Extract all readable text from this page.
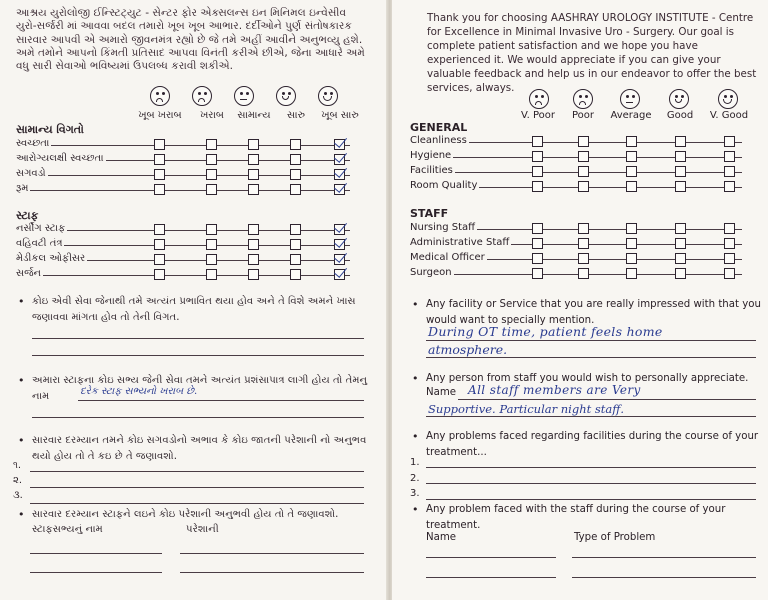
આશ્રય યુરોલોજી ઈન્સ્ટિટ્યુટ - સેન્ટર ફોર એક્સલન્સ ઇન મિનિમલ ઇન્વેસીવ યુરો-સર્જરી માં આવવા બદલ તમારો ખૂબ ખૂબ આભાર. દર્દીઓને પુર્ણ સંતોષકારક સારવાર આપવી એ અમારો જીવનમંત્ર રહ્યો છે જે તમે અહીં આવીને અનુભવ્યુ હશે. અમે તમોને આપનો કિંમતી પ્રતિસાદ આપવા વિનંતી કરીએ છીએ, જેના આધારે અમે વધુ સારી સેવાઓ ભવિષ્યમાં ઉપલબ્ધ કરાવી શકીએ.
ખૂબ ખરાબ ખરાબ સામાન્ય સારુ ખૂબ સારુ
સામાન્ય વિગતો
સ્વચ્છતા
આરોગ્યલક્ષી સ્વચ્છતા
સગવડો
રૂમ
સ્ટાફ
નર્સીંગ સ્ટાફ
વહિવટી તંત્ર
મેડીકલ ઓફીસર
સર્જન
• કોઇ એવી સેવા જેનાથી તમે અત્યંત પ્રભાવિત થયા હોવ અને તે વિશે અમને ખાસ જણાવવા માંગતા હોવ તો તેની વિગત.
• અમારા સ્ટાફના કોઇ સભ્ય જેની સેવા તમને અત્યંત પ્રશંસાપાત્ર લાગી હોય તો તેમનુ નામ	દરેક સ્ટાફ સભ્યનો ખરાબ છે.
• સારવાર દરમ્યાન તમને કોઇ સગવડોનો અભાવ કે કોઇ જાતની પરેશાની નો અનુભવ થયો હોય તો તે કઇ છે તે જણાવશો.
૧.
૨.
૩.
• સારવાર દરમ્યાન સ્ટાફને લઇને કોઇ પરેશાની અનુભવી હોય તો તે જણાવશો.
સ્ટાફસભ્યનું નામ	પરેશાની
Thank you for choosing AASHRAY UROLOGY INSTITUTE - Centre for Excellence in Minimal Invasive Uro - Surgery. Our goal is complete patient satisfaction and we hope you have experienced it. We would appreciate if you can give your valuable feedback and help us in our endeavor to offer the best services, always.
V. Poor Poor Average Good V. Good
GENERAL
Cleanliness
Hygiene
Facilities
Room Quality
STAFF
Nursing Staff
Administrative Staff
Medical Officer
Surgeon
• Any facility or Service that you are really impressed with that you would want to specially mention.
During OT time, patient feels home
atmosphere.
• Any person from staff you would wish to personally appreciate.
Name All staff members are Very
Supportive. Particular night staff.
• Any problems faced regarding facilities during the course of your treatment...
1.
2.
3.
• Any problem faced with the staff during the course of your treatment.
Name	Type of Problem
